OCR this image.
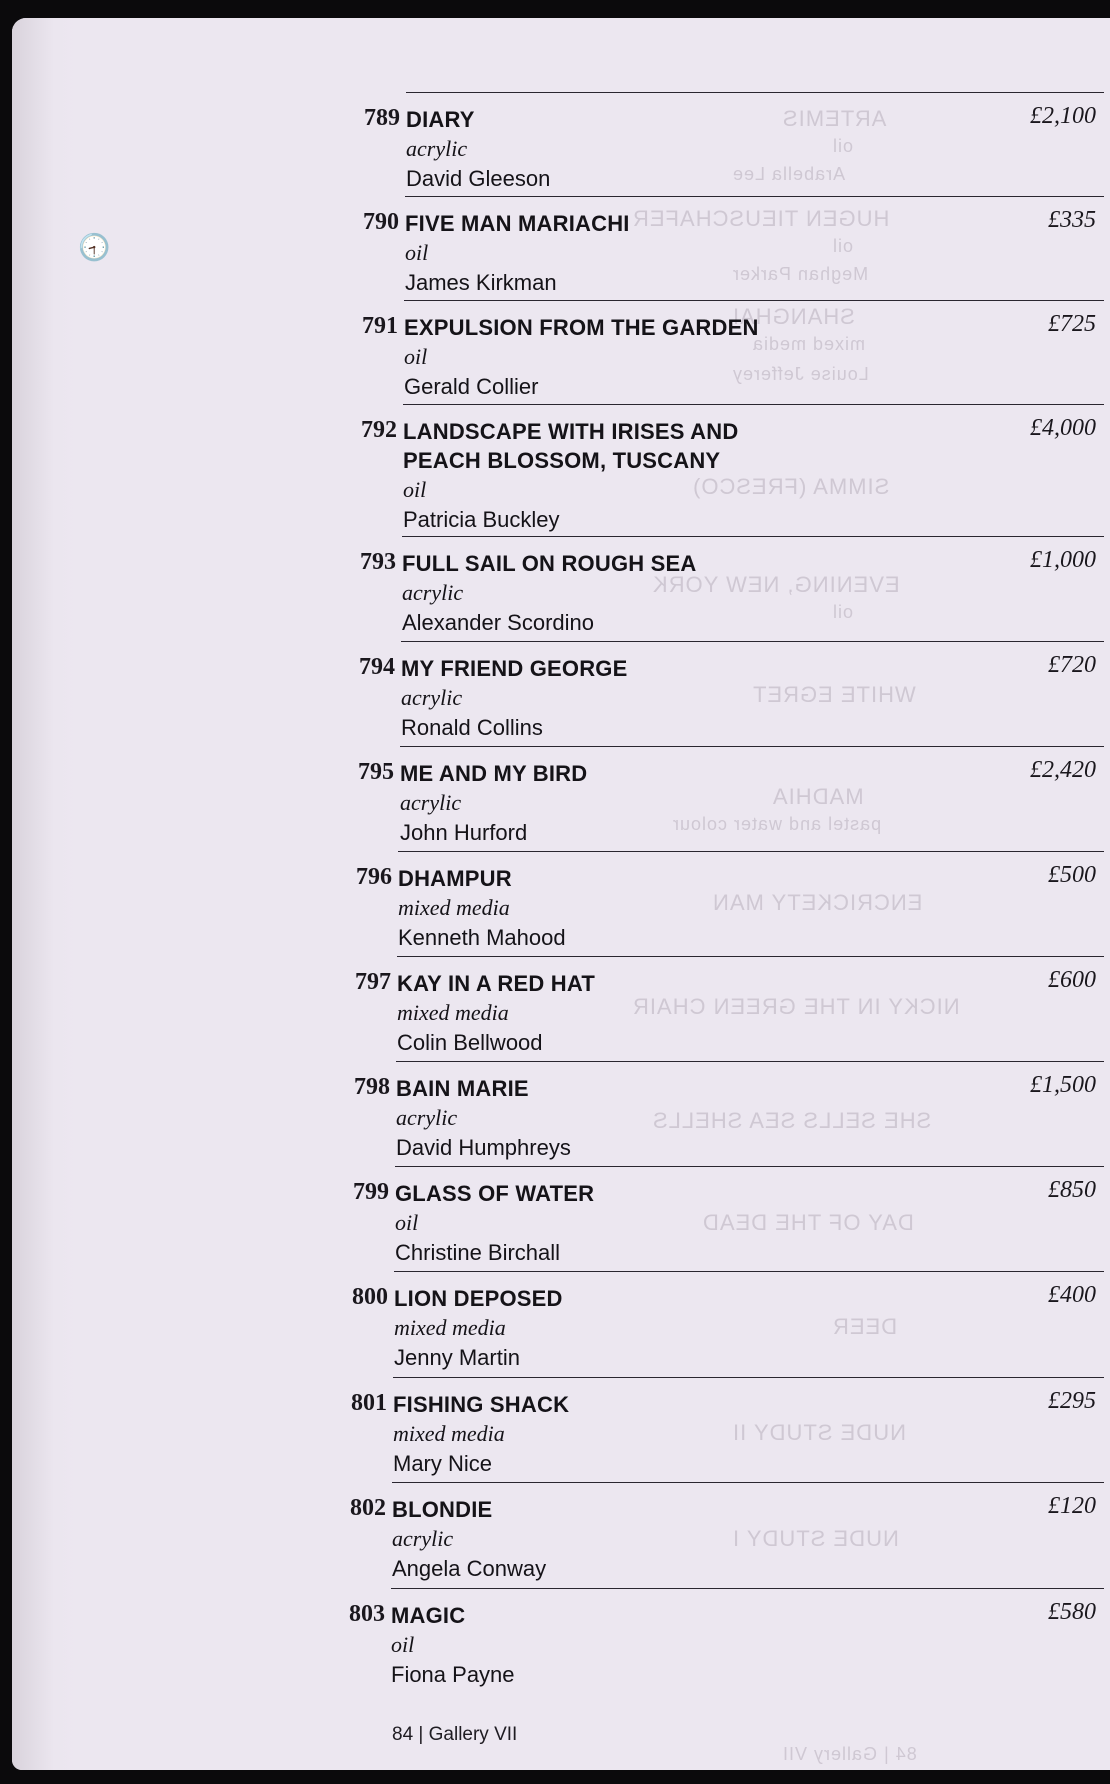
ARTEMIS
oil
Arabella Lee
HUGEN TIEUSCHAFER
oil
Meghan Parker
SHANGHAI
mixed media
Louise Jefferey
SIMMA (FRESCO)
EVENING, NEW YORK
oil
WHITE EGRET
MADHIA
pastel and water colour
ENCRICKETY MAN
NICKY IN THE GREEN CHAIR
SHE SELLS SEA SHELLS
DAY OF THE DEAD
DEER
NUDE STUDY II
NUDE STUDY I
84 | Gallery VII
🕣
789 DIARY
acrylic
David Gleeson
£2,100
790 FIVE MAN MARIACHI
oil
James Kirkman
£335
791 EXPULSION FROM THE GARDEN
oil
Gerald Collier
£725
792 LANDSCAPE WITH IRISES AND PEACH BLOSSOM, TUSCANY
oil
Patricia Buckley
£4,000
793 FULL SAIL ON ROUGH SEA
acrylic
Alexander Scordino
£1,000
794 MY FRIEND GEORGE
acrylic
Ronald Collins
£720
795 ME AND MY BIRD
acrylic
John Hurford
£2,420
796 DHAMPUR
mixed media
Kenneth Mahood
£500
797 KAY IN A RED HAT
mixed media
Colin Bellwood
£600
798 BAIN MARIE
acrylic
David Humphreys
£1,500
799 GLASS OF WATER
oil
Christine Birchall
£850
800 LION DEPOSED
mixed media
Jenny Martin
£400
801 FISHING SHACK
mixed media
Mary Nice
£295
802 BLONDIE
acrylic
Angela Conway
£120
803 MAGIC
oil
Fiona Payne
£580
84 | Gallery VII
